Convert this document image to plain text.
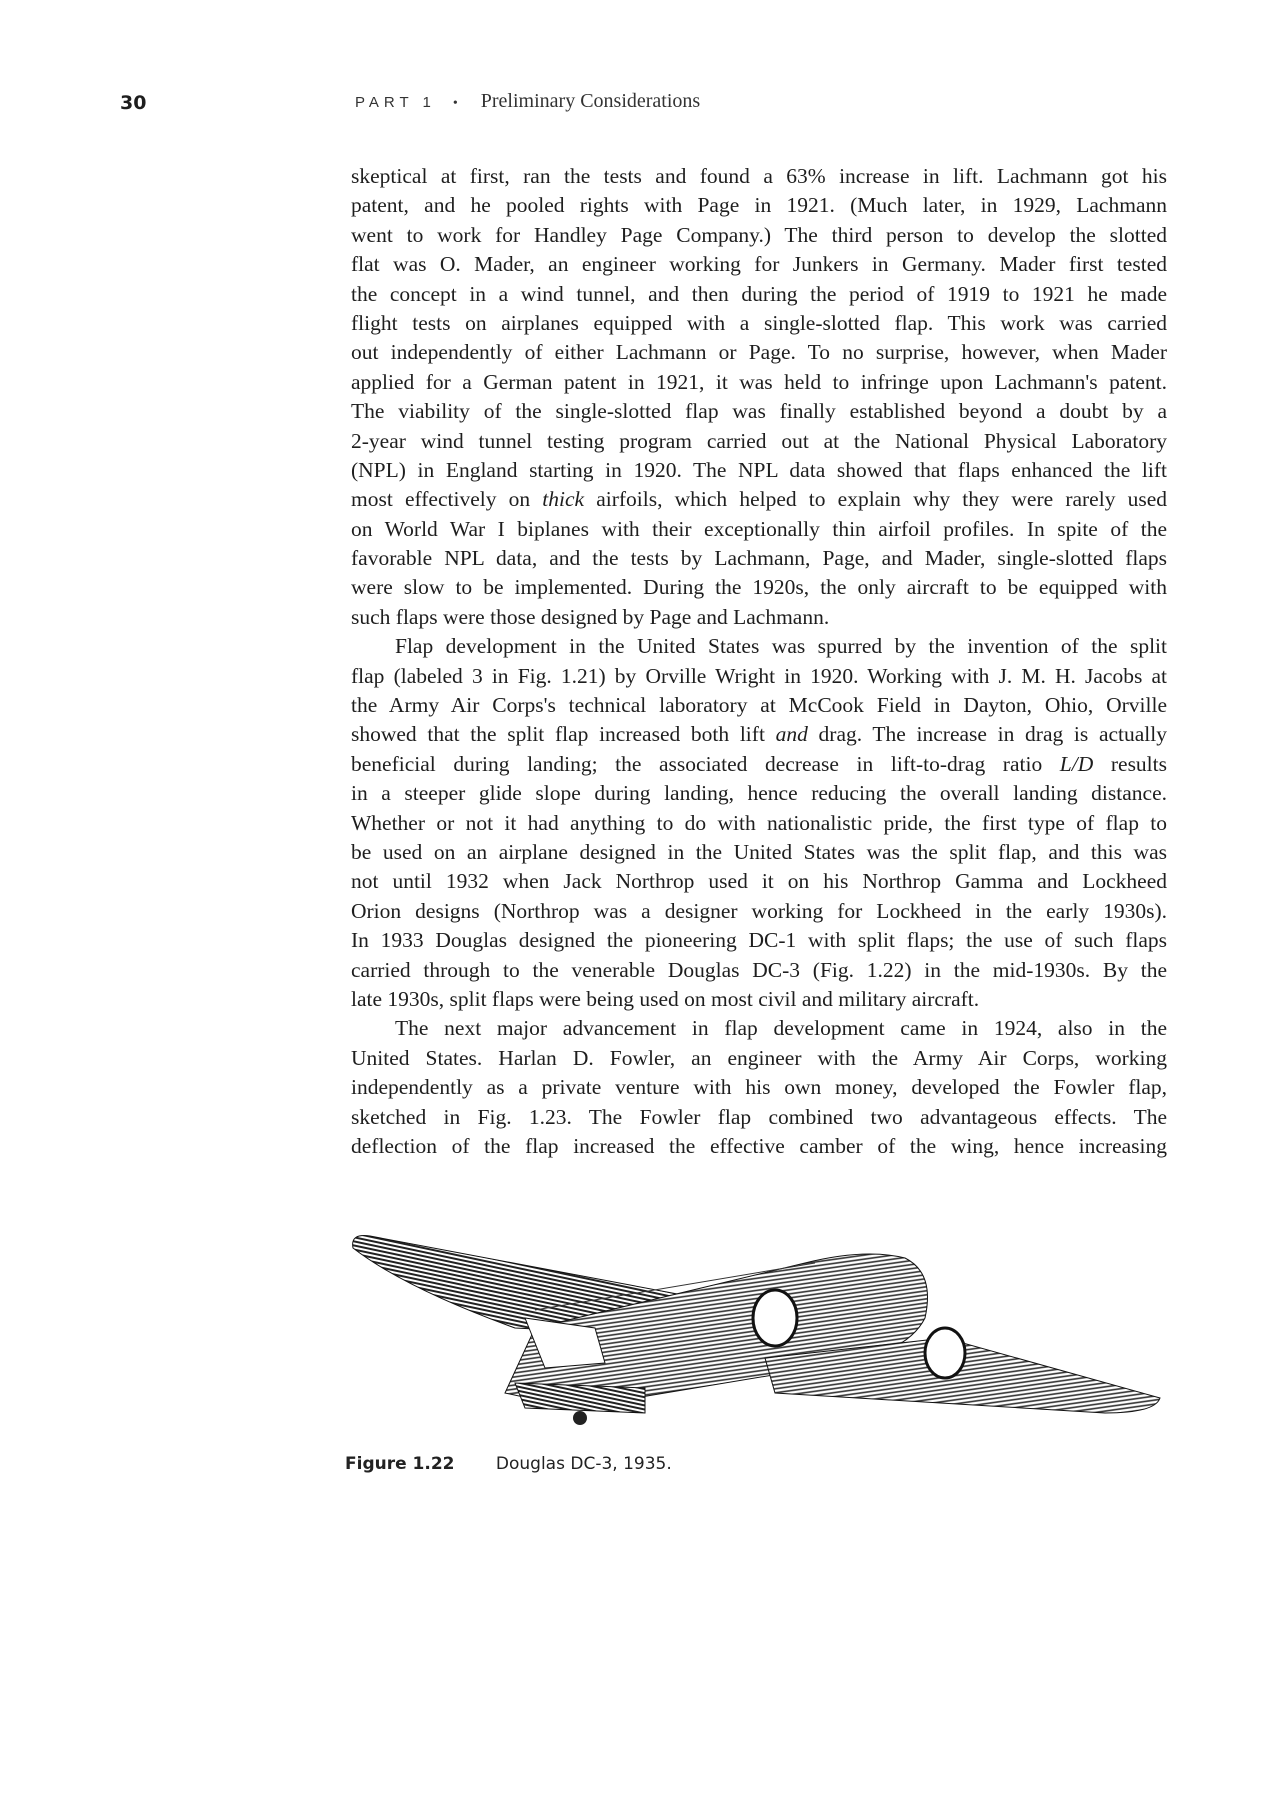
30	PART 1 • Preliminary Considerations
skeptical at first, ran the tests and found a 63% increase in lift. Lachmann got his
patent, and he pooled rights with Page in 1921. (Much later, in 1929, Lachmann
went to work for Handley Page Company.) The third person to develop the slotted
flat was O. Mader, an engineer working for Junkers in Germany. Mader first tested
the concept in a wind tunnel, and then during the period of 1919 to 1921 he made
flight tests on airplanes equipped with a single-slotted flap. This work was carried
out independently of either Lachmann or Page. To no surprise, however, when Mader
applied for a German patent in 1921, it was held to infringe upon Lachmann's patent.
The viability of the single-slotted flap was finally established beyond a doubt by a
2-year wind tunnel testing program carried out at the National Physical Laboratory
(NPL) in England starting in 1920. The NPL data showed that flaps enhanced the lift
most effectively on thick airfoils, which helped to explain why they were rarely used
on World War I biplanes with their exceptionally thin airfoil profiles. In spite of the
favorable NPL data, and the tests by Lachmann, Page, and Mader, single-slotted flaps
were slow to be implemented. During the 1920s, the only aircraft to be equipped with
such flaps were those designed by Page and Lachmann.
Flap development in the United States was spurred by the invention of the split
flap (labeled 3 in Fig. 1.21) by Orville Wright in 1920. Working with J. M. H. Jacobs at
the Army Air Corps's technical laboratory at McCook Field in Dayton, Ohio, Orville
showed that the split flap increased both lift and drag. The increase in drag is actually
beneficial during landing; the associated decrease in lift-to-drag ratio L/D results
in a steeper glide slope during landing, hence reducing the overall landing distance.
Whether or not it had anything to do with nationalistic pride, the first type of flap to
be used on an airplane designed in the United States was the split flap, and this was
not until 1932 when Jack Northrop used it on his Northrop Gamma and Lockheed
Orion designs (Northrop was a designer working for Lockheed in the early 1930s).
In 1933 Douglas designed the pioneering DC-1 with split flaps; the use of such flaps
carried through to the venerable Douglas DC-3 (Fig. 1.22) in the mid-1930s. By the
late 1930s, split flaps were being used on most civil and military aircraft.
The next major advancement in flap development came in 1924, also in the
United States. Harlan D. Fowler, an engineer with the Army Air Corps, working
independently as a private venture with his own money, developed the Fowler flap,
sketched in Fig. 1.23. The Fowler flap combined two advantageous effects. The
deflection of the flap increased the effective camber of the wing, hence increasing
Figure 1.22 Douglas DC-3, 1935.
